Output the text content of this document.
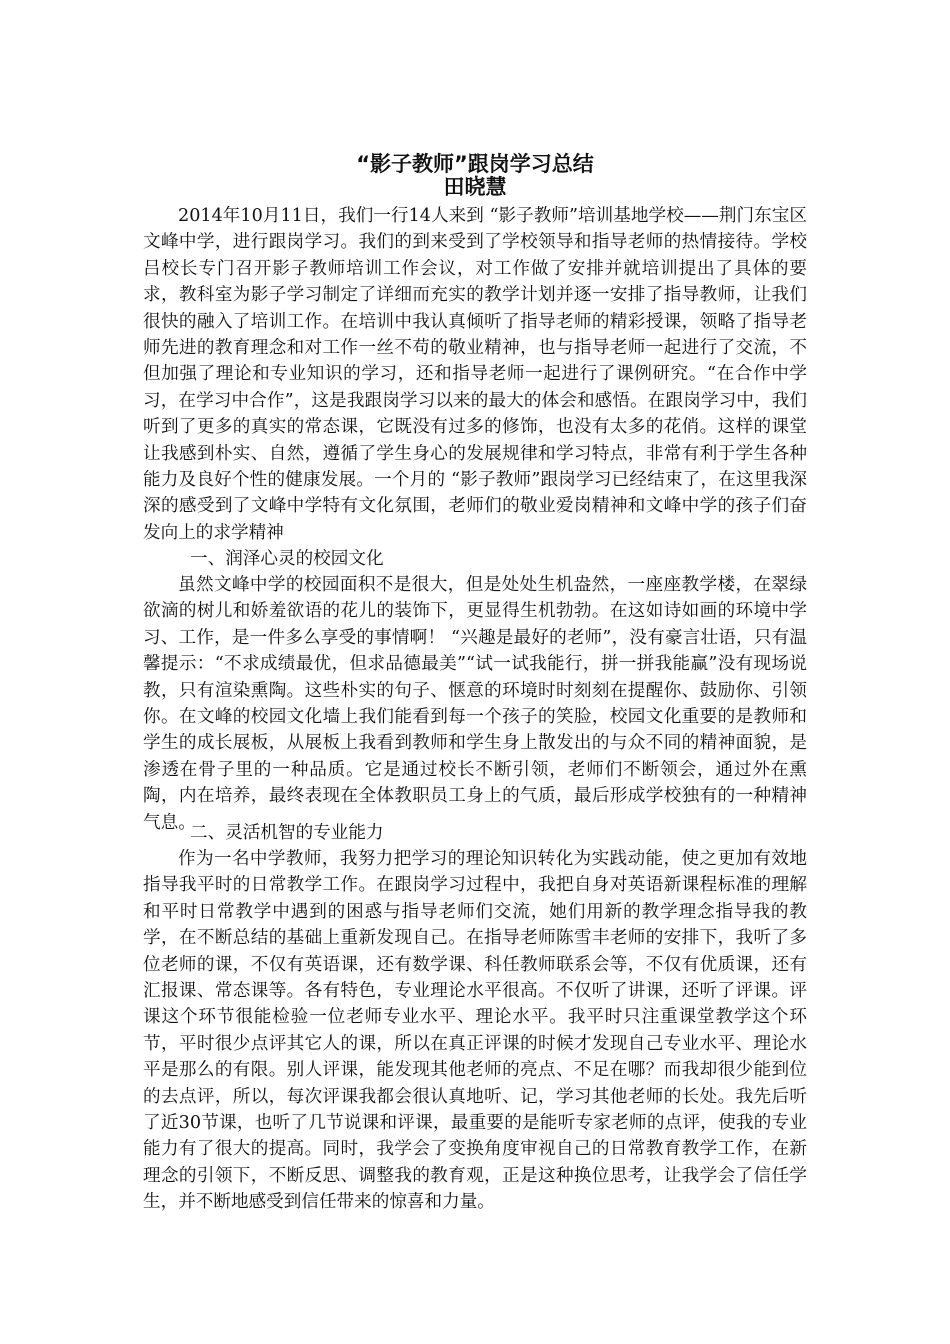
“影子教师”跟岗学习总结
田晓慧

2014年10月11日，我们一行14人来到 “影子教师”培训基地学校——荆门东宝区文峰中学，进行跟岗学习。我们的到来受到了学校领导和指导老师的热情接待。学校吕校长专门召开影子教师培训工作会议，对工作做了安排并就培训提出了具体的要求，教科室为影子学习制定了详细而充实的教学计划并逐一安排了指导教师，让我们很快的融入了培训工作。在培训中我认真倾听了指导老师的精彩授课，领略了指导老师先进的教育理念和对工作一丝不苟的敬业精神，也与指导老师一起进行了交流，不但加强了理论和专业知识的学习，还和指导老师一起进行了课例研究。“在合作中学习，在学习中合作”，这是我跟岗学习以来的最大的体会和感悟。在跟岗学习中，我们听到了更多的真实的常态课，它既没有过多的修饰，也没有太多的花俏。这样的课堂让我感到朴实、自然，遵循了学生身心的发展规律和学习特点，非常有利于学生各种能力及良好个性的健康发展。一个月的 “影子教师”跟岗学习已经结束了，在这里我深深的感受到了文峰中学特有文化氛围，老师们的敬业爱岗精神和文峰中学的孩子们奋发向上的求学精神

一、润泽心灵的校园文化

虽然文峰中学的校园面积不是很大，但是处处生机盎然，一座座教学楼，在翠绿欲滴的树儿和娇羞欲语的花儿的装饰下，更显得生机勃勃。在这如诗如画的环境中学习、工作，是一件多么享受的事情啊！ “兴趣是最好的老师”，没有豪言壮语，只有温馨提示：“不求成绩最优，但求品德最美”“试一试我能行，拼一拼我能赢”没有现场说教，只有渲染熏陶。这些朴实的句子、惬意的环境时时刻刻在提醒你、鼓励你、引领你。在文峰的校园文化墙上我们能看到每一个孩子的笑脸，校园文化重要的是教师和学生的成长展板，从展板上我看到教师和学生身上散发出的与众不同的精神面貌，是渗透在骨子里的一种品质。它是通过校长不断引领，老师们不断领会，通过外在熏陶，内在培养，最终表现在全体教职员工身上的气质，最后形成学校独有的一种精神气息。

二、灵活机智的专业能力

作为一名中学教师，我努力把学习的理论知识转化为实践动能，使之更加有效地指导我平时的日常教学工作。在跟岗学习过程中，我把自身对英语新课程标准的理解和平时日常教学中遇到的困惑与指导老师们交流，她们用新的教学理念指导我的教学，在不断总结的基础上重新发现自己。在指导老师陈雪丰老师的安排下，我听了多位老师的课，不仅有英语课，还有数学课、科任教师联系会等，不仅有优质课，还有汇报课、常态课等。各有特色，专业理论水平很高。不仅听了讲课，还听了评课。评课这个环节很能检验一位老师专业水平、理论水平。我平时只注重课堂教学这个环节，平时很少点评其它人的课，所以在真正评课的时候才发现自己专业水平、理论水平是那么的有限。别人评课，能发现其他老师的亮点、不足在哪？而我却很少能到位的去点评，所以，每次评课我都会很认真地听、记，学习其他老师的长处。我先后听了近30节课，也听了几节说课和评课，最重要的是能听专家老师的点评，使我的专业能力有了很大的提高。同时，我学会了变换角度审视自己的日常教育教学工作，在新理念的引领下，不断反思、调整我的教育观，正是这种换位思考，让我学会了信任学生，并不断地感受到信任带来的惊喜和力量。
